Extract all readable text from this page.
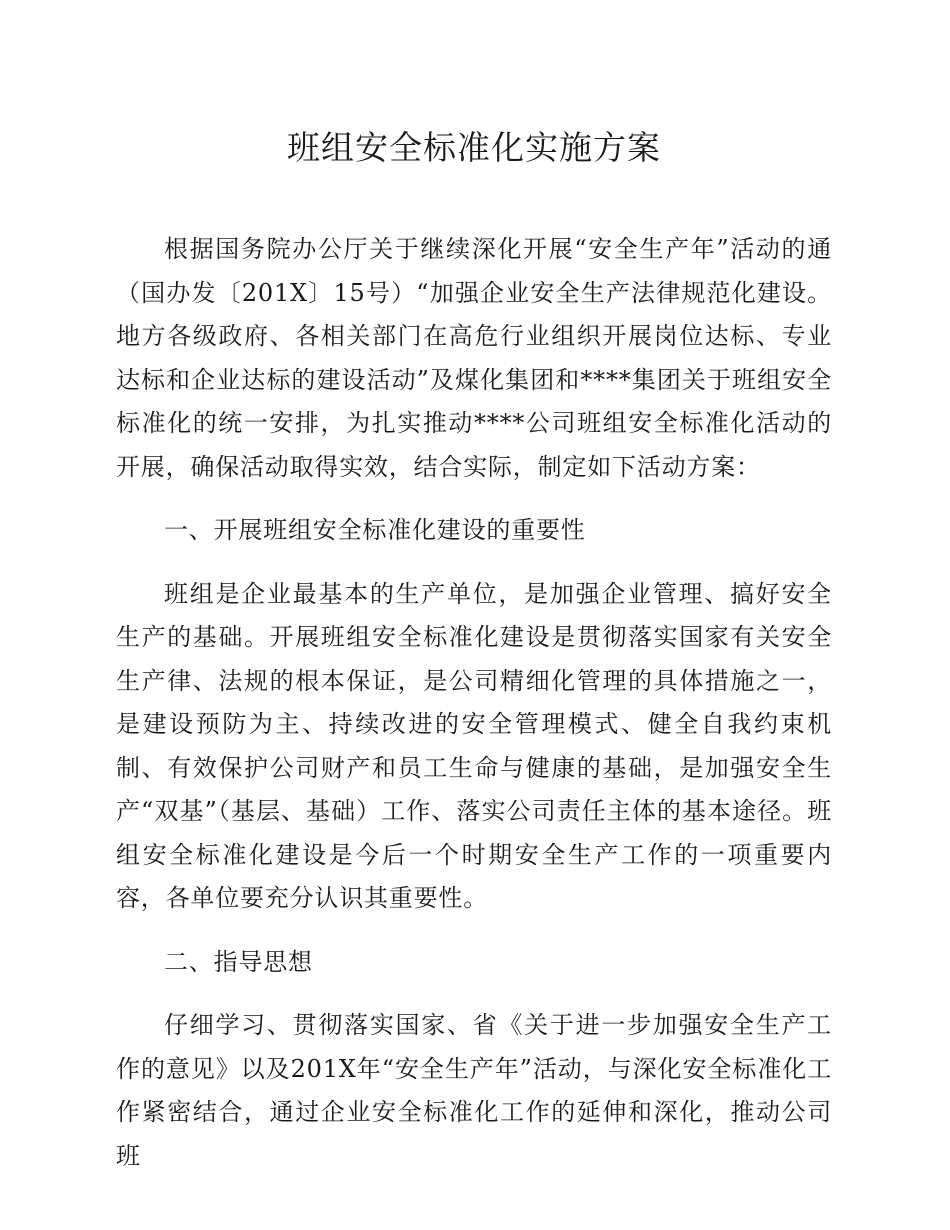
班组安全标准化实施方案

根据国务院办公厅关于继续深化开展“安全生产年”活动的通（国办发〔201X〕15号）“加强企业安全生产法律规范化建设。地方各级政府、各相关部门在高危行业组织开展岗位达标、专业达标和企业达标的建设活动”及煤化集团和****集团关于班组安全标准化的统一安排，为扎实推动****公司班组安全标准化活动的开展，确保活动取得实效，结合实际，制定如下活动方案：

一、开展班组安全标准化建设的重要性

班组是企业最基本的生产单位，是加强企业管理、搞好安全生产的基础。开展班组安全标准化建设是贯彻落实国家有关安全生产律、法规的根本保证，是公司精细化管理的具体措施之一，是建设预防为主、持续改进的安全管理模式、健全自我约束机制、有效保护公司财产和员工生命与健康的基础，是加强安全生产“双基”（基层、基础）工作、落实公司责任主体的基本途径。班组安全标准化建设是今后一个时期安全生产工作的一项重要内容，各单位要充分认识其重要性。

二、指导思想

仔细学习、贯彻落实国家、省《关于进一步加强安全生产工作的意见》以及201X年“安全生产年”活动，与深化安全标准化工作紧密结合，通过企业安全标准化工作的延伸和深化，推动公司班
